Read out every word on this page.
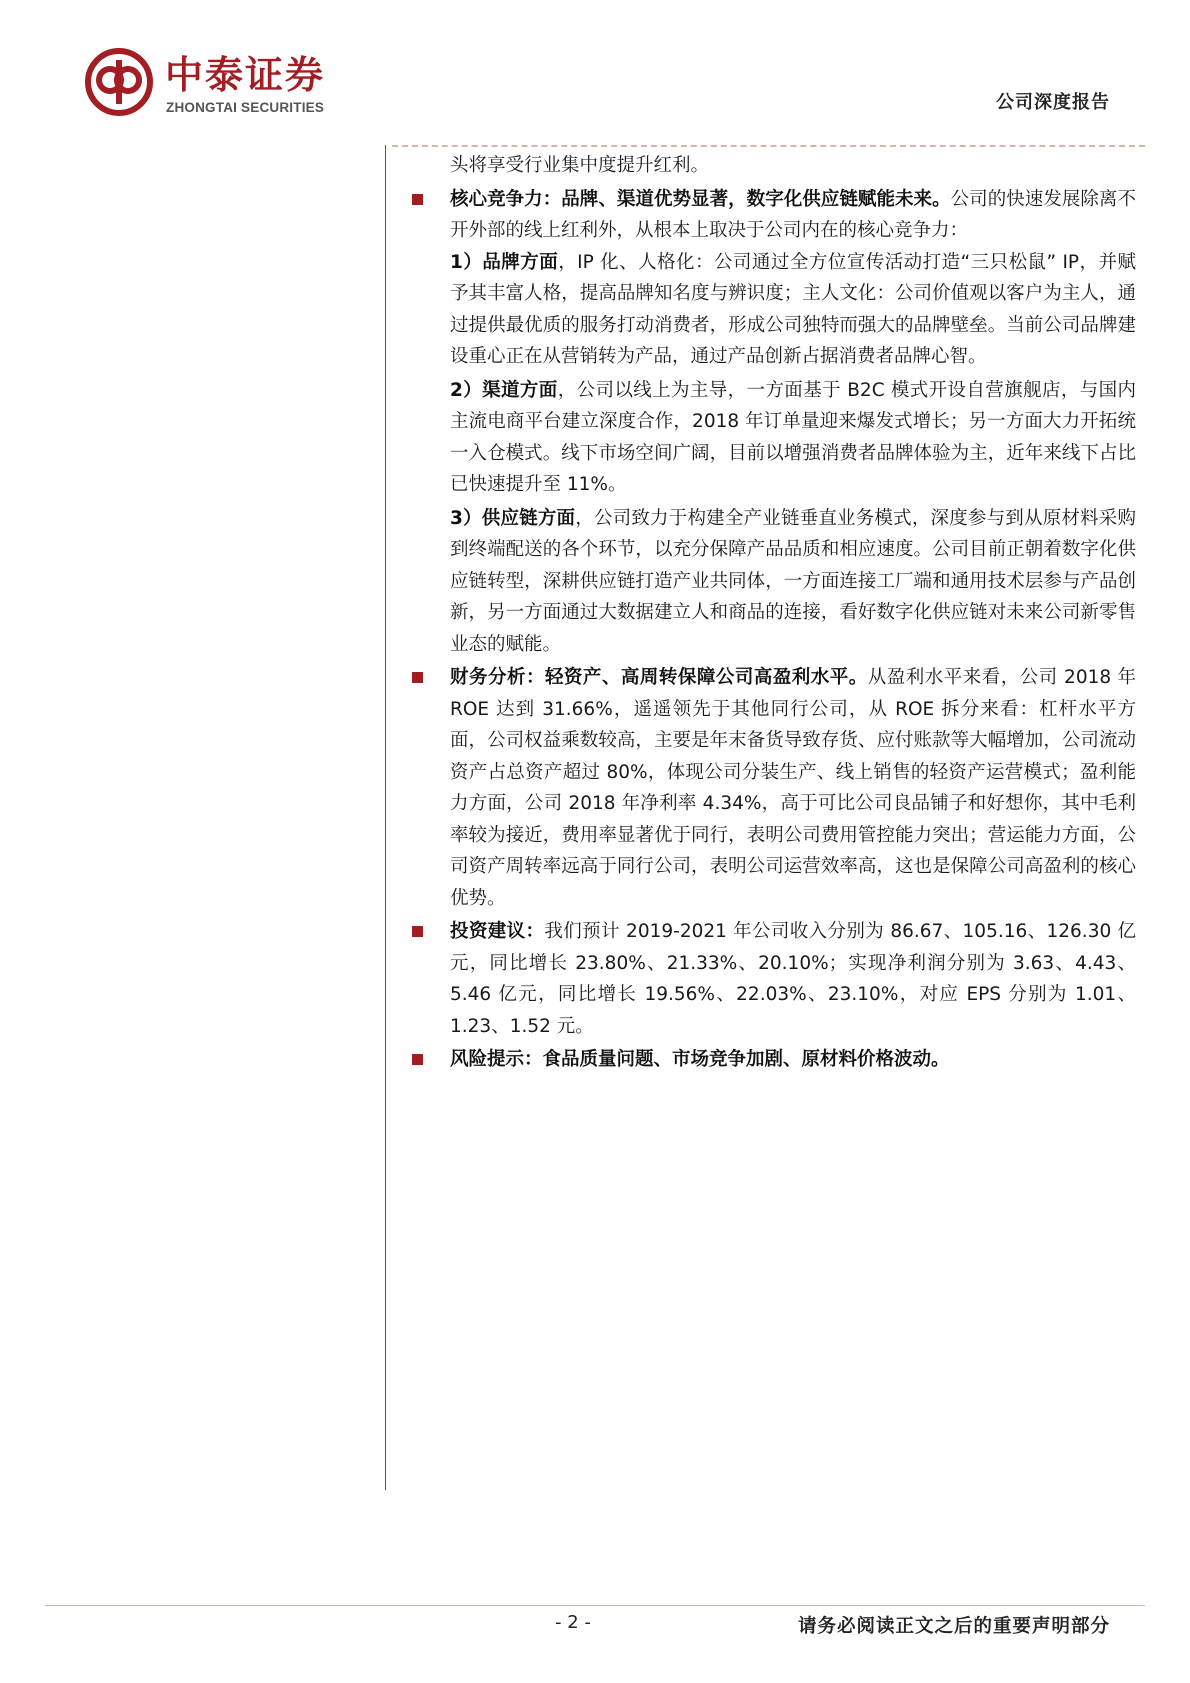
中泰证券
ZHONGTAI SECURITIES	公司深度报告

头将享受行业集中度提升红利。

核心竞争力：品牌、渠道优势显著，数字化供应链赋能未来。公司的快速发展除离不开外部的线上红利外，从根本上取决于公司内在的核心竞争力：
1）品牌方面，IP 化、人格化：公司通过全方位宣传活动打造“三只松鼠” IP，并赋予其丰富人格，提高品牌知名度与辨识度；主人文化：公司价值观以客户为主人，通过提供最优质的服务打动消费者，形成公司独特而强大的品牌壁垒。当前公司品牌建设重心正在从营销转为产品，通过产品创新占据消费者品牌心智。

2）渠道方面，公司以线上为主导，一方面基于 B2C 模式开设自营旗舰店，与国内主流电商平台建立深度合作，2018 年订单量迎来爆发式增长；另一方面大力开拓统一入仓模式。线下市场空间广阔，目前以增强消费者品牌体验为主，近年来线下占比已快速提升至 11%。

3）供应链方面，公司致力于构建全产业链垂直业务模式，深度参与到从原材料采购到终端配送的各个环节，以充分保障产品品质和相应速度。公司目前正朝着数字化供应链转型，深耕供应链打造产业共同体，一方面连接工厂端和通用技术层参与产品创新，另一方面通过大数据建立人和商品的连接，看好数字化供应链对未来公司新零售业态的赋能。

财务分析：轻资产、高周转保障公司高盈利水平。从盈利水平来看，公司 2018 年 ROE 达到 31.66%，遥遥领先于其他同行公司，从 ROE 拆分来看：杠杆水平方面，公司权益乘数较高，主要是年末备货导致存货、应付账款等大幅增加，公司流动资产占总资产超过 80%，体现公司分装生产、线上销售的轻资产运营模式；盈利能力方面，公司 2018 年净利率 4.34%，高于可比公司良品铺子和好想你，其中毛利率较为接近，费用率显著优于同行，表明公司费用管控能力突出；营运能力方面，公司资产周转率远高于同行公司，表明公司运营效率高，这也是保障公司高盈利的核心优势。

投资建议：我们预计 2019-2021 年公司收入分别为 86.67、105.16、126.30 亿元，同比增长 23.80%、21.33%、20.10%；实现净利润分别为 3.63、4.43、5.46 亿元，同比增长 19.56%、22.03%、23.10%，对应 EPS 分别为 1.01、1.23、1.52 元。

风险提示：食品质量问题、市场竞争加剧、原材料价格波动。

- 2 -	请务必阅读正文之后的重要声明部分
